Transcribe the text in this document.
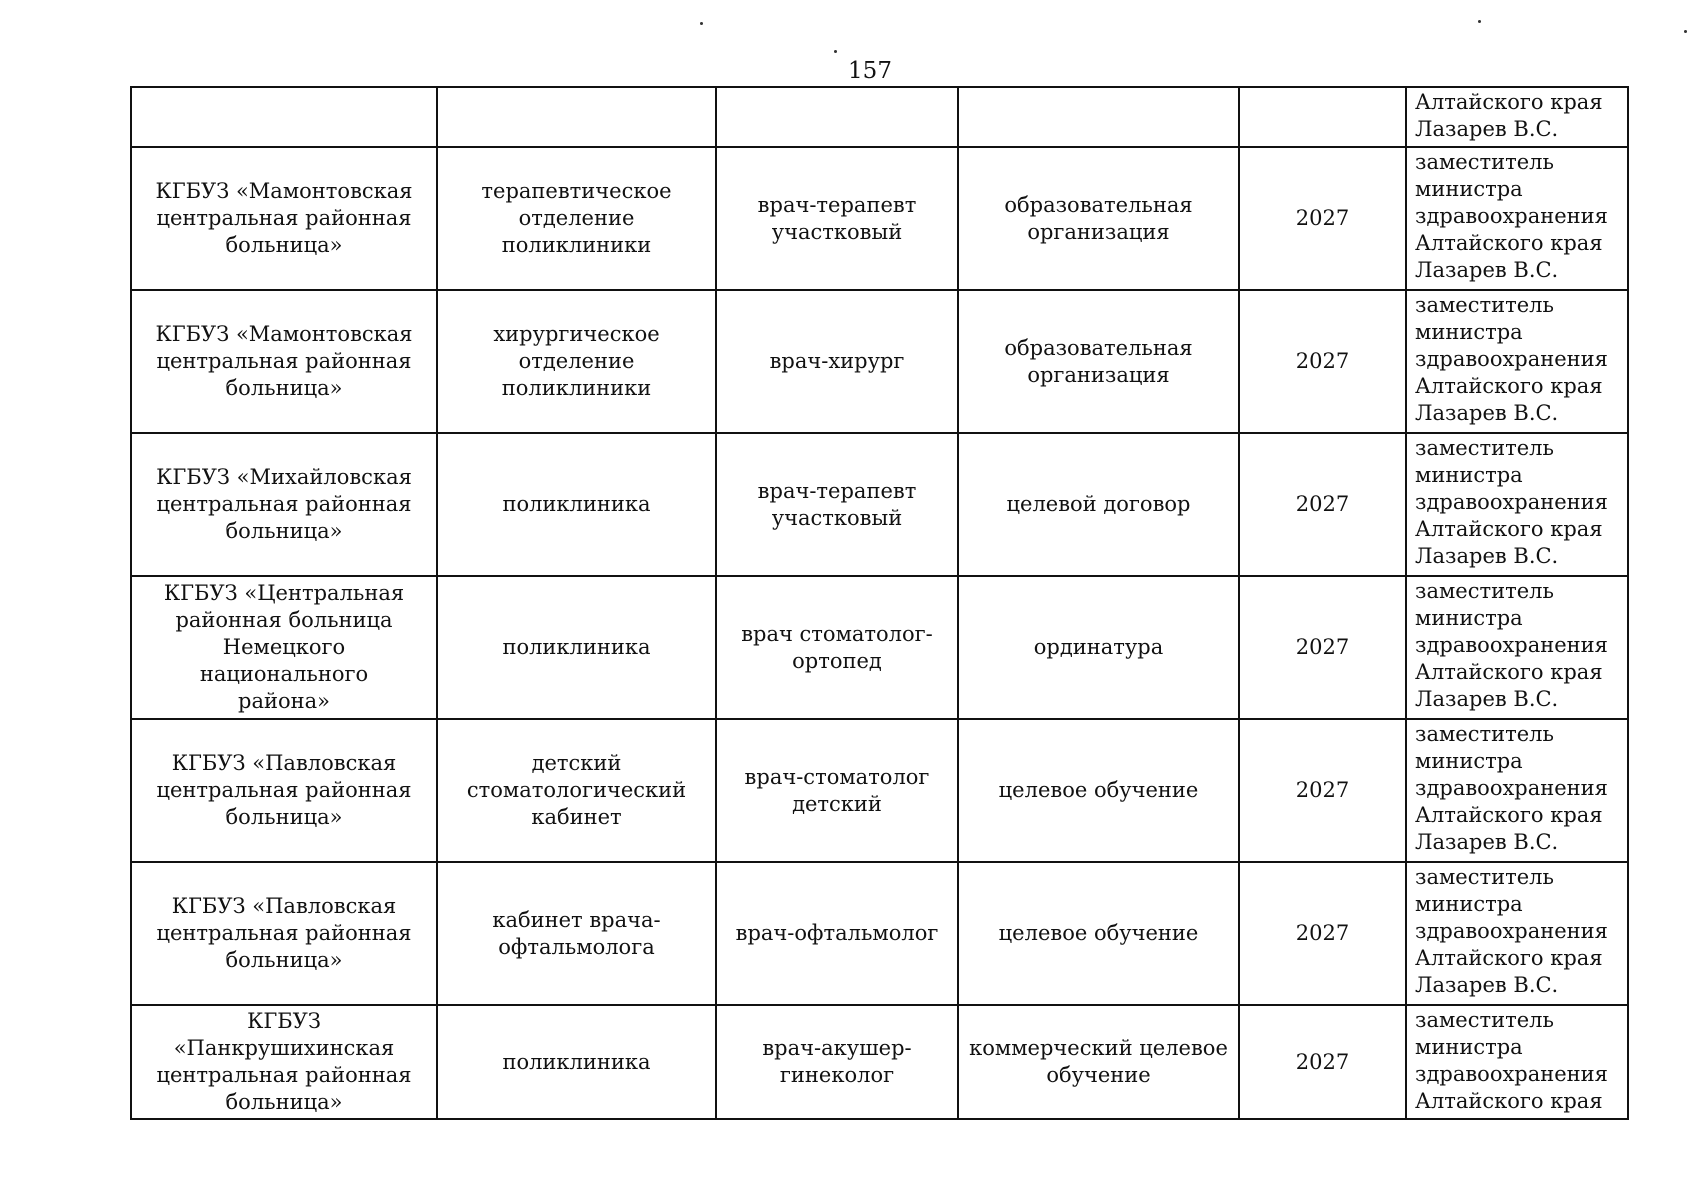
157

					Алтайского края
Лазарев В.С.

КГБУЗ «Мамонтовская
центральная районная
больница»	терапевтическое
отделение поликлиники	врач-терапевт
участковый	образовательная
организация	2027	заместитель
министра
здравоохранения
Алтайского края
Лазарев В.С.

КГБУЗ «Мамонтовская
центральная районная
больница»	хирургическое
отделение поликлиники	врач-хирург	образовательная
организация	2027	заместитель
министра
здравоохранения
Алтайского края
Лазарев В.С.

КГБУЗ «Михайловская
центральная районная
больница»	поликлиника	врач-терапевт
участковый	целевой договор	2027	заместитель
министра
здравоохранения
Алтайского края
Лазарев В.С.

КГБУЗ «Центральная
районная больница
Немецкого национального
района»	поликлиника	врач стоматолог-
ортопед	ординатура	2027	заместитель
министра
здравоохранения
Алтайского края
Лазарев В.С.

КГБУЗ «Павловская
центральная районная
больница»	детский
стоматологический
кабинет	врач-стоматолог
детский	целевое обучение	2027	заместитель
министра
здравоохранения
Алтайского края
Лазарев В.С.

КГБУЗ «Павловская
центральная районная
больница»	кабинет врача-
офтальмолога	врач-офтальмолог	целевое обучение	2027	заместитель
министра
здравоохранения
Алтайского края
Лазарев В.С.

КГБУЗ «Панкрушихинская
центральная районная
больница»	поликлиника	врач-акушер-
гинеколог	коммерческий целевое
обучение	2027	заместитель
министра
здравоохранения
Алтайского края
